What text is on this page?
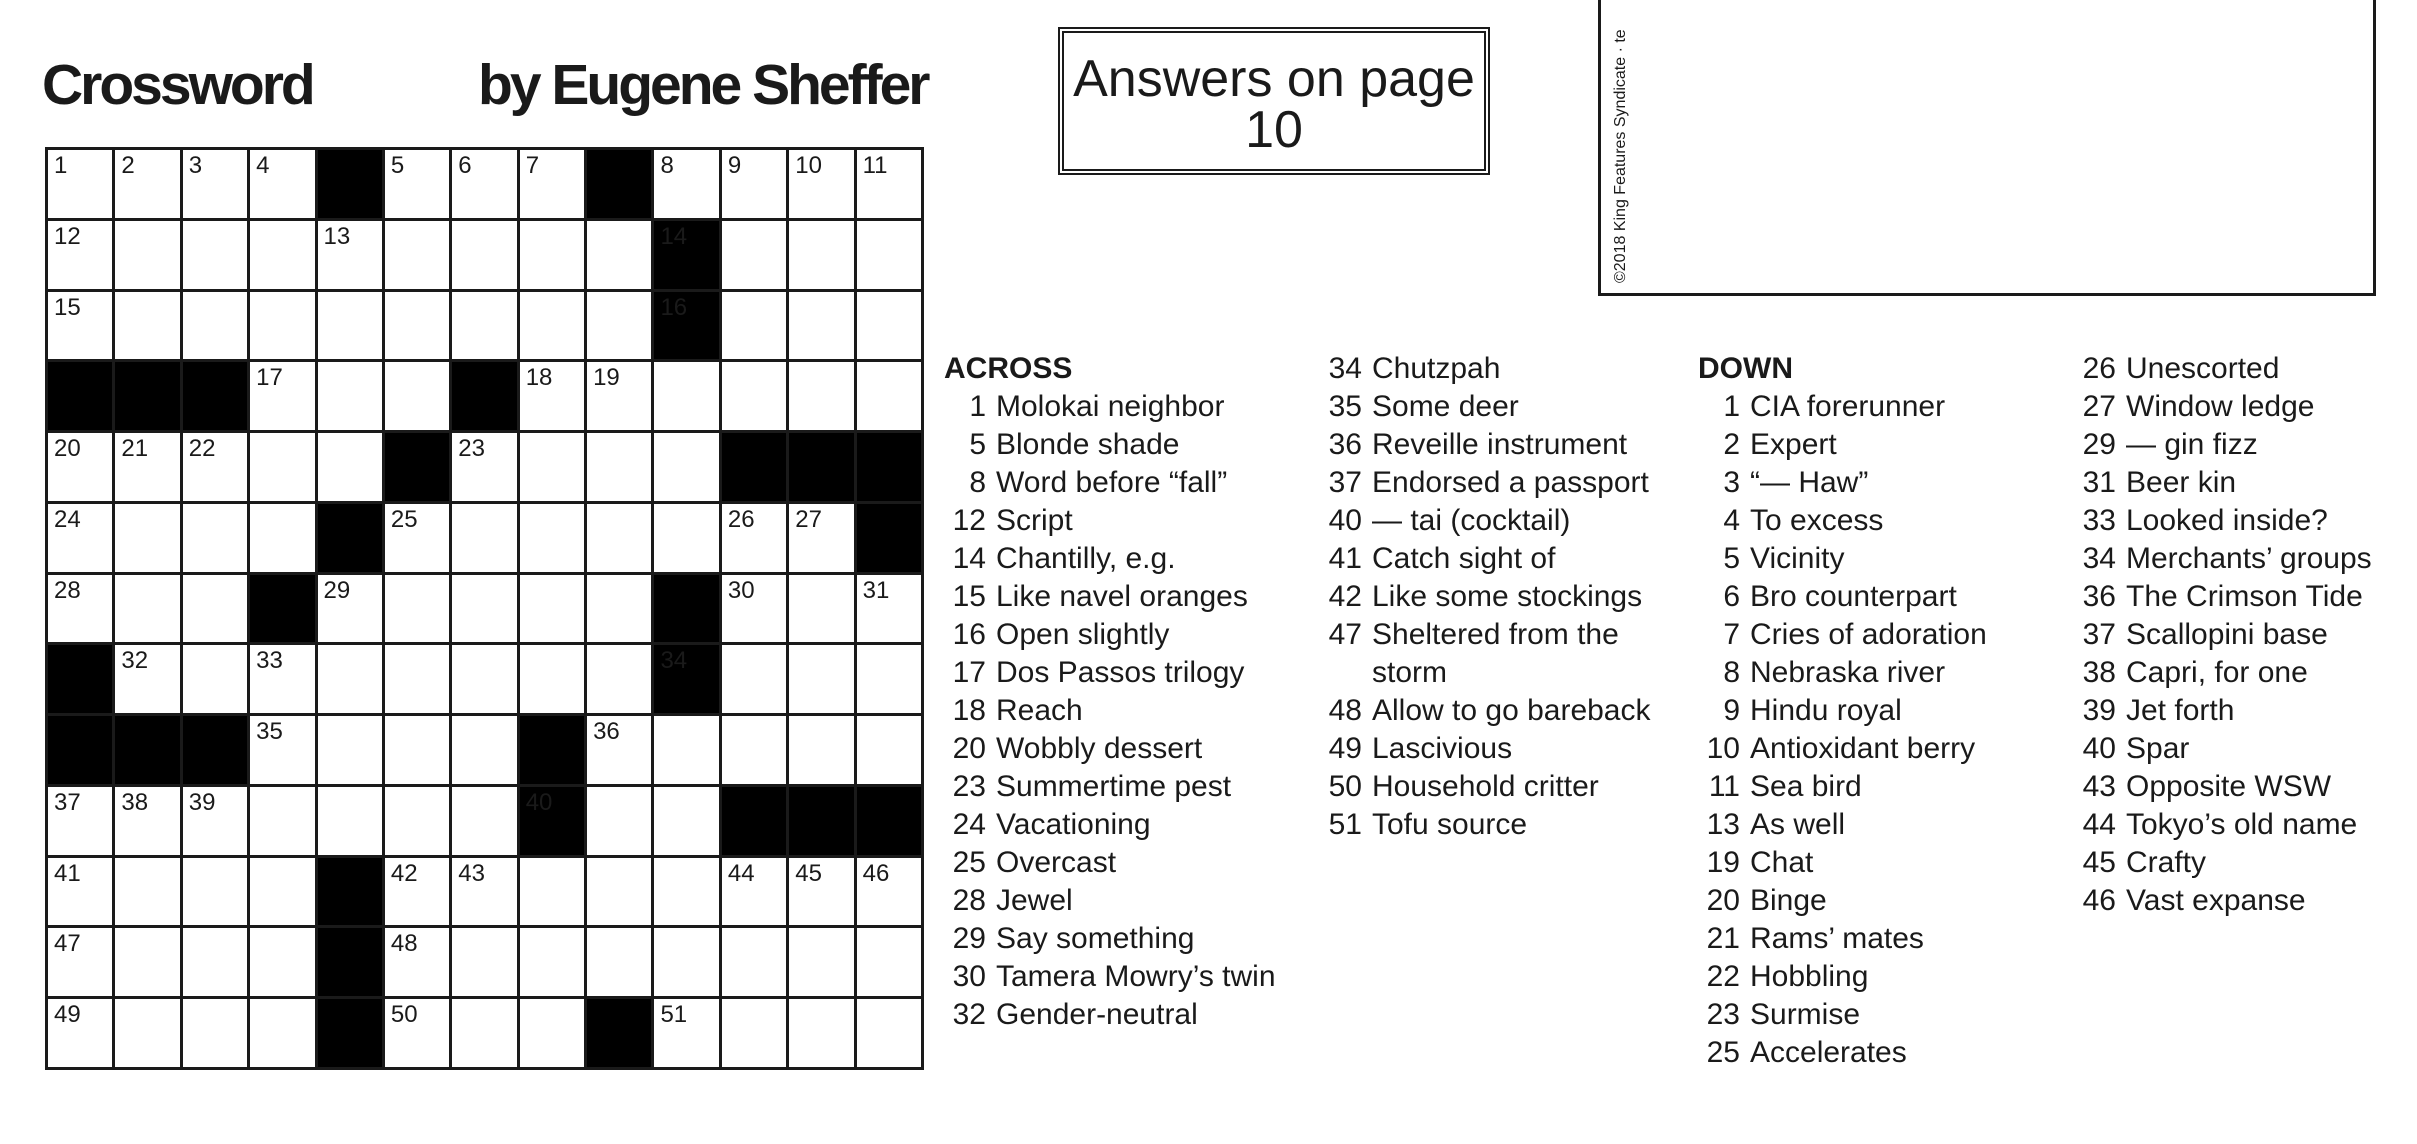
Crossword	by Eugene Sheffer	Answers on page 10	©2018 King Features Syndicate · te
1 2 3 4	5 6 7	8 9 10 11
12	13	14
15	16
17	18 19
20 21 22	23
24	25	26 27
28	29	30	31
32	33	34
35	36
37 38 39	40
41	42 43	44 45 46
47	48
49	50	51
ACROSS
1 Molokai neighbor
5 Blonde shade
8 Word before “fall”
12 Script
14 Chantilly, e.g.
15 Like navel oranges
16 Open slightly
17 Dos Passos trilogy
18 Reach
20 Wobbly dessert
23 Summertime pest
24 Vacationing
25 Overcast
28 Jewel
29 Say something
30 Tamera Mowry’s twin
32 Gender-neutral
34 Chutzpah
35 Some deer
36 Reveille instrument
37 Endorsed a passport
40 — tai (cocktail)
41 Catch sight of
42 Like some stockings
47 Sheltered from the storm
48 Allow to go bareback
49 Lascivious
50 Household critter
51 Tofu source
DOWN
1 CIA forerunner
2 Expert
3 “— Haw”
4 To excess
5 Vicinity
6 Bro counterpart
7 Cries of adoration
8 Nebraska river
9 Hindu royal
10 Antioxidant berry
11 Sea bird
13 As well
19 Chat
20 Binge
21 Rams’ mates
22 Hobbling
23 Surmise
25 Accelerates
26 Unescorted
27 Window ledge
29 — gin fizz
31 Beer kin
33 Looked inside?
34 Merchants’ groups
36 The Crimson Tide
37 Scallopini base
38 Capri, for one
39 Jet forth
40 Spar
43 Opposite WSW
44 Tokyo’s old name
45 Crafty
46 Vast expanse
